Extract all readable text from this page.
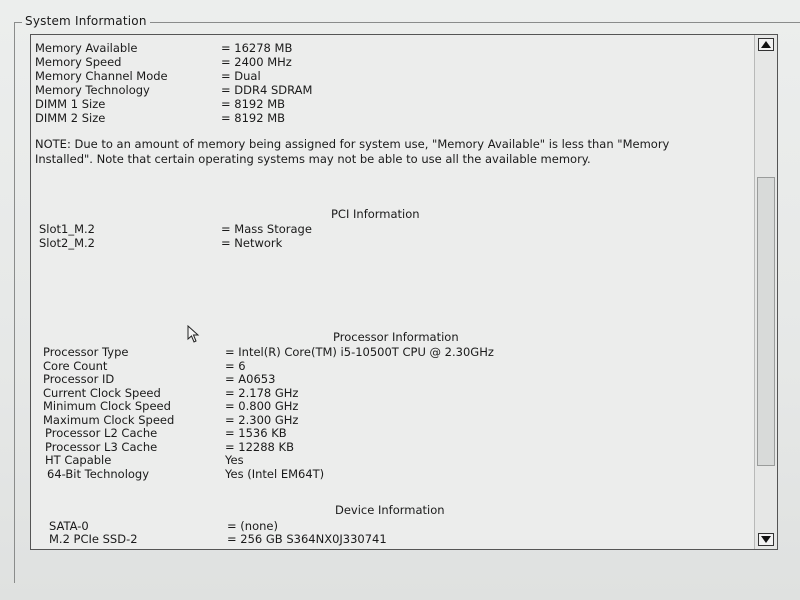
System Information
Memory Available	= 16278 MB
Memory Speed	= 2400 MHz
Memory Channel Mode	= Dual
Memory Technology	= DDR4 SDRAM
DIMM 1 Size	= 8192 MB
DIMM 2 Size	= 8192 MB
NOTE: Due to an amount of memory being assigned for system use, "Memory Available" is less than "Memory Installed". Note that certain operating systems may not be able to use all the available memory.
PCI Information
Slot1_M.2	= Mass Storage
Slot2_M.2	= Network
Processor Information
Processor Type	= Intel(R) Core(TM) i5-10500T CPU @ 2.30GHz
Core Count	= 6
Processor ID	= A0653
Current Clock Speed	= 2.178 GHz
Minimum Clock Speed	= 0.800 GHz
Maximum Clock Speed	= 2.300 GHz
Processor L2 Cache	= 1536 KB
Processor L3 Cache	= 12288 KB
HT Capable	Yes
64-Bit Technology	Yes (Intel EM64T)
Device Information
SATA-0	= (none)
M.2 PCIe SSD-2	= 256 GB S364NX0J330741
